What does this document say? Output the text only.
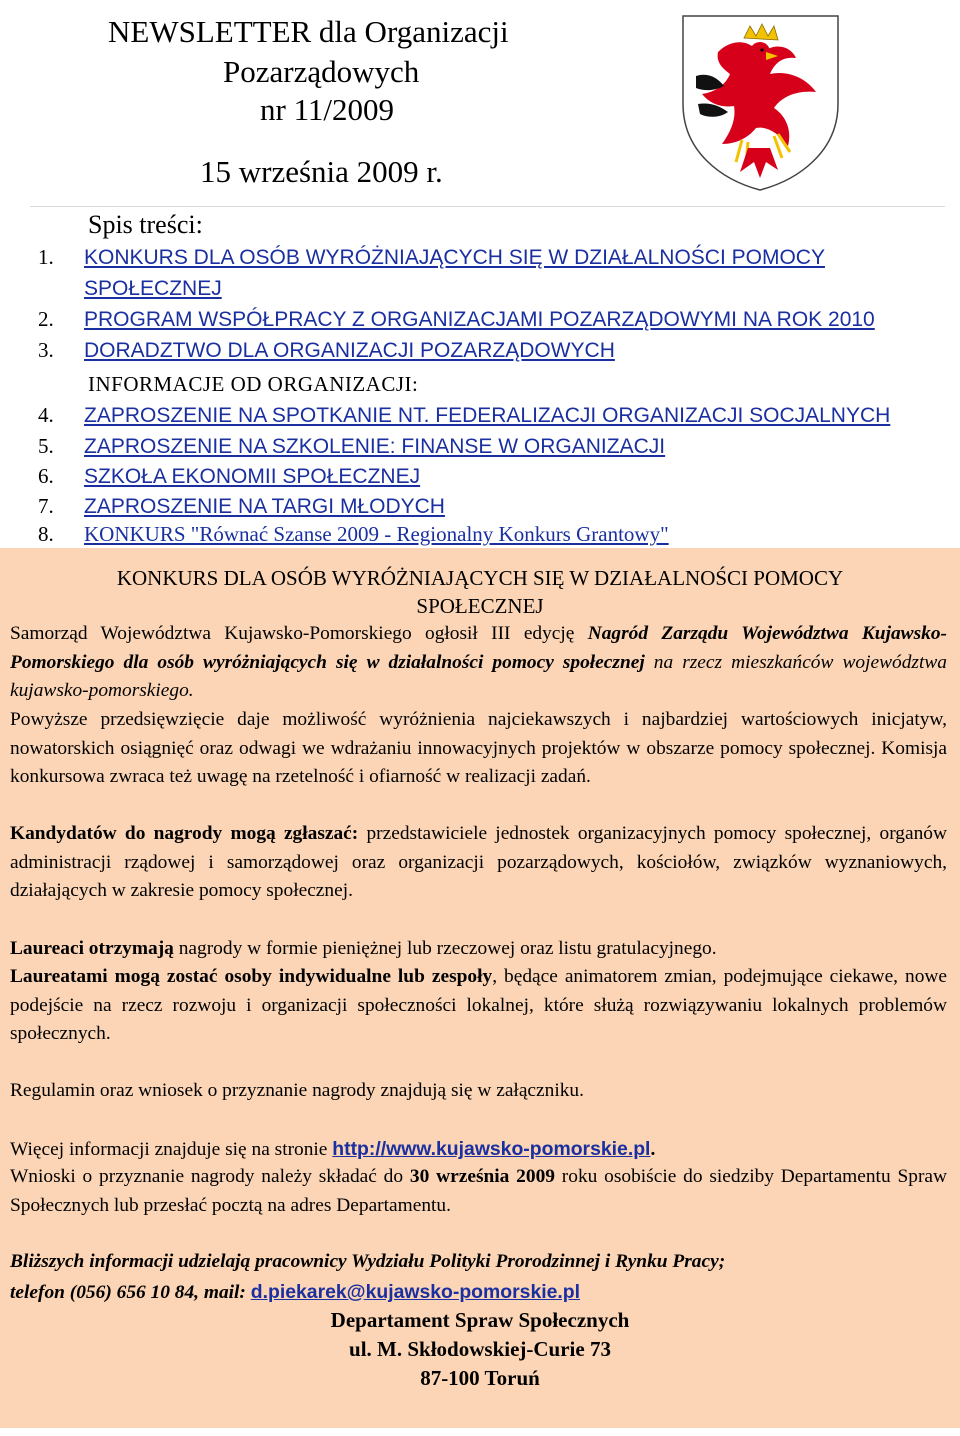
NEWSLETTER dla Organizacji
Pozarządowych
nr 11/2009
15 września 2009 r.
Spis treści:
1. KONKURS DLA OSÓB WYRÓŻNIAJĄCYCH SIĘ W DZIAŁALNOŚCI POMOCY
SPOŁECZNEJ
2. PROGRAM WSPÓŁPRACY Z ORGANIZACJAMI POZARZĄDOWYMI NA ROK 2010
3. DORADZTWO DLA ORGANIZACJI POZARZĄDOWYCH
INFORMACJE OD ORGANIZACJI:
4. ZAPROSZENIE NA SPOTKANIE NT. FEDERALIZACJI ORGANIZACJI SOCJALNYCH
5. ZAPROSZENIE NA SZKOLENIE: FINANSE W ORGANIZACJI
6. SZKOŁA EKONOMII SPOŁECZNEJ
7. ZAPROSZENIE NA TARGI MŁODYCH
8. KONKURS "Równać Szanse 2009 - Regionalny Konkurs Grantowy"
KONKURS DLA OSÓB WYRÓŻNIAJĄCYCH SIĘ W DZIAŁALNOŚCI POMOCY
SPOŁECZNEJ
Samorząd Województwa Kujawsko-Pomorskiego ogłosił III edycję Nagród Zarządu Województwa Kujawsko-Pomorskiego dla osób wyróżniających się w działalności pomocy społecznej na rzecz mieszkańców województwa kujawsko-pomorskiego.
Powyższe przedsięwzięcie daje możliwość wyróżnienia najciekawszych i najbardziej wartościowych inicjatyw, nowatorskich osiągnięć oraz odwagi we wdrażaniu innowacyjnych projektów w obszarze pomocy społecznej. Komisja konkursowa zwraca też uwagę na rzetelność i ofiarność w realizacji zadań.
Kandydatów do nagrody mogą zgłaszać: przedstawiciele jednostek organizacyjnych pomocy społecznej, organów administracji rządowej i samorządowej oraz organizacji pozarządowych, kościołów, związków wyznaniowych, działających w zakresie pomocy społecznej.
Laureaci otrzymają nagrody w formie pieniężnej lub rzeczowej oraz listu gratulacyjnego.
Laureatami mogą zostać osoby indywidualne lub zespoły, będące animatorem zmian, podejmujące ciekawe, nowe podejście na rzecz rozwoju i organizacji społeczności lokalnej, które służą rozwiązywaniu lokalnych problemów społecznych.
Regulamin oraz wniosek o przyznanie nagrody znajdują się w załączniku.
Więcej informacji znajduje się na stronie http://www.kujawsko-pomorskie.pl.
Wnioski o przyznanie nagrody należy składać do 30 września 2009 roku osobiście do siedziby Departamentu Spraw Społecznych lub przesłać pocztą na adres Departamentu.
Bliższych informacji udzielają pracownicy Wydziału Polityki Prorodzinnej i Rynku Pracy;
telefon (056) 656 10 84, mail: d.piekarek@kujawsko-pomorskie.pl
Departament Spraw Społecznych
ul. M. Skłodowskiej-Curie 73
87-100 Toruń
